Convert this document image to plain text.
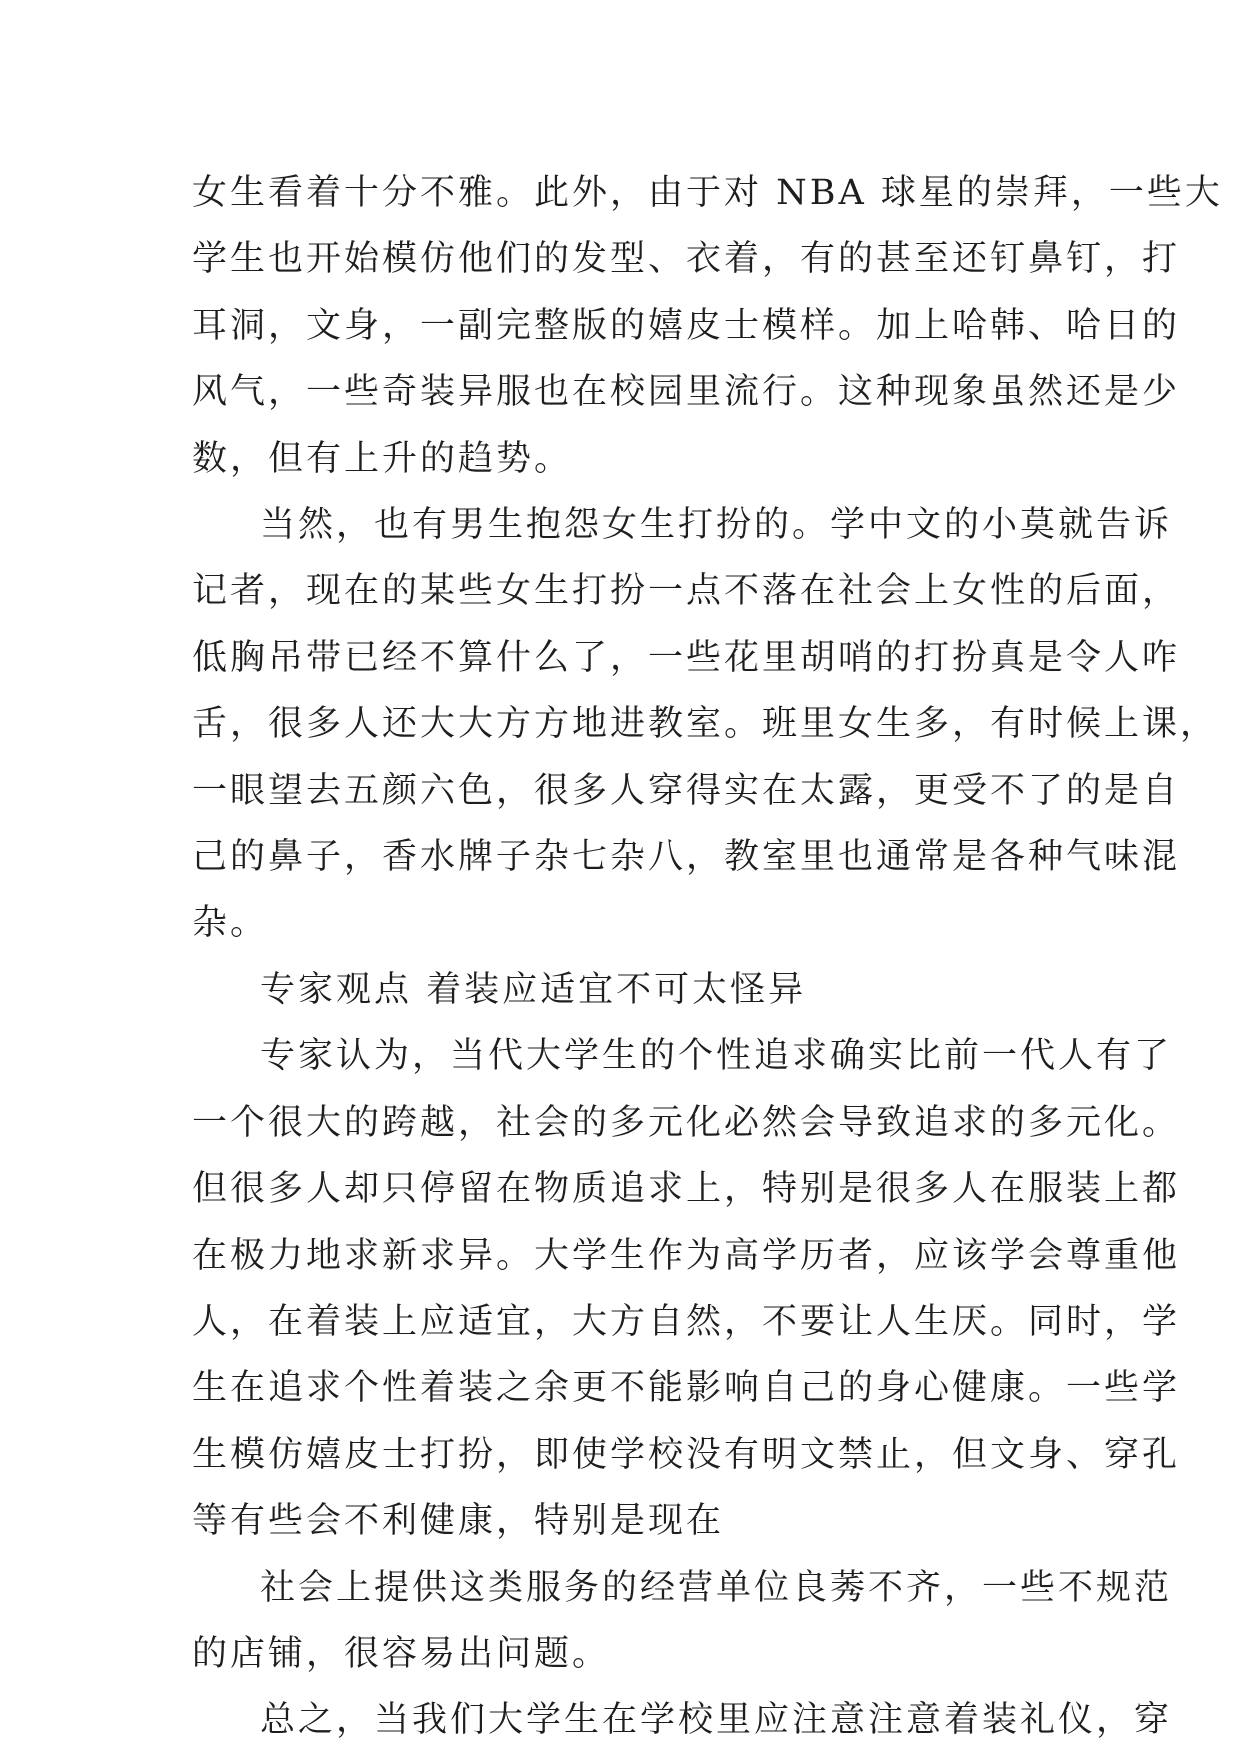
女生看着十分不雅。此外，由于对 NBA 球星的崇拜，一些大
学生也开始模仿他们的发型、衣着，有的甚至还钉鼻钉，打
耳洞，文身，一副完整版的嬉皮士模样。加上哈韩、哈日的
风气，一些奇装异服也在校园里流行。这种现象虽然还是少
数，但有上升的趋势。

当然，也有男生抱怨女生打扮的。学中文的小莫就告诉
记者，现在的某些女生打扮一点不落在社会上女性的后面，
低胸吊带已经不算什么了，一些花里胡哨的打扮真是令人咋
舌，很多人还大大方方地进教室。班里女生多，有时候上课，
一眼望去五颜六色，很多人穿得实在太露，更受不了的是自
己的鼻子，香水牌子杂七杂八，教室里也通常是各种气味混
杂。

专家观点 着装应适宜不可太怪异

专家认为，当代大学生的个性追求确实比前一代人有了
一个很大的跨越，社会的多元化必然会导致追求的多元化。
但很多人却只停留在物质追求上，特别是很多人在服装上都
在极力地求新求异。大学生作为高学历者，应该学会尊重他
人，在着装上应适宜，大方自然，不要让人生厌。同时，学
生在追求个性着装之余更不能影响自己的身心健康。一些学
生模仿嬉皮士打扮，即使学校没有明文禁止，但文身、穿孔
等有些会不利健康，特别是现在

社会上提供这类服务的经营单位良莠不齐，一些不规范
的店铺，很容易出问题。

总之，当我们大学生在学校里应注意注意着装礼仪，穿
